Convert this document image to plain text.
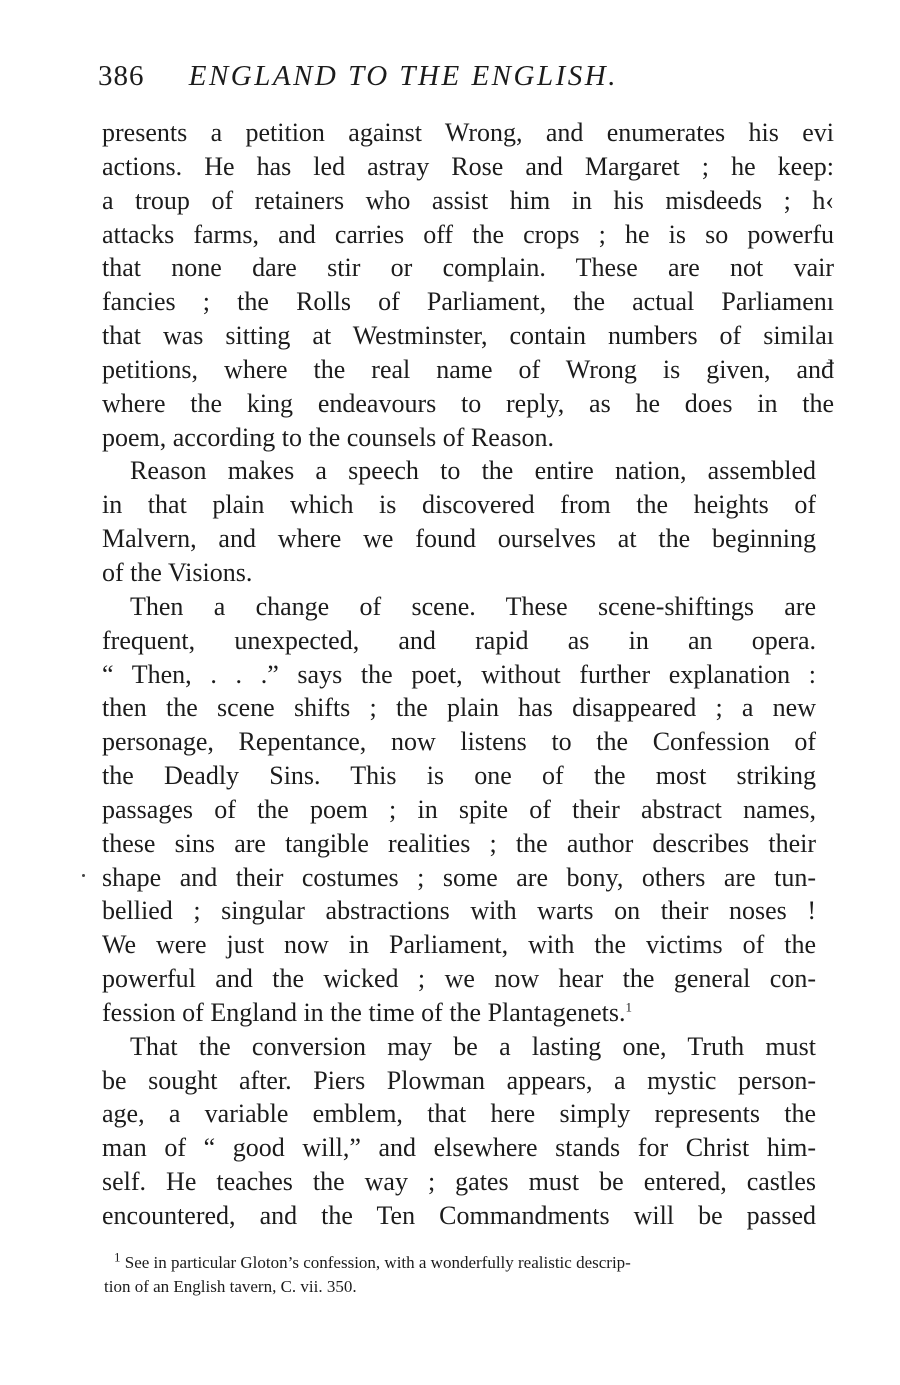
386 ENGLAND TO THE ENGLISH.
presents a petition against Wrong, and enumerates his evi
actions. He has led astray Rose and Margaret ; he keep:
a troup of retainers who assist him in his misdeeds ; h‹
attacks farms, and carries off the crops ; he is so powerfu
that none dare stir or complain. These are not vair
fancies ; the Rolls of Parliament, the actual Parliamenı
that was sitting at Westminster, contain numbers of similaı
petitions, where the real name of Wrong is given, anđ
where the king endeavours to reply, as he does in the
poem, according to the counsels of Reason.
Reason makes a speech to the entire nation, assembled
in that plain which is discovered from the heights of
Malvern, and where we found ourselves at the beginning
of the Visions.
Then a change of scene. These scene-shiftings are
frequent, unexpected, and rapid as in an opera.
“ Then, . . .” says the poet, without further explanation :
then the scene shifts ; the plain has disappeared ; a new
personage, Repentance, now listens to the Confession of
the Deadly Sins. This is one of the most striking
passages of the poem ; in spite of their abstract names,
these sins are tangible realities ; the author describes their
shape and their costumes ; some are bony, others are tun-
bellied ; singular abstractions with warts on their noses !
We were just now in Parliament, with the victims of the
powerful and the wicked ; we now hear the general con-
fession of England in the time of the Plantagenets.$^1$
That the conversion may be a lasting one, Truth must
be sought after. Piers Plowman appears, a mystic person-
age, a variable emblem, that here simply represents the
man of “ good will,” and elsewhere stands for Christ him-
self. He teaches the way ; gates must be entered, castles
encountered, and the Ten Commandments will be passed
$^1$ See in particular Gloton’s confession, with a wonderfully realistic descrip-
tion of an English tavern, C. vii. 350.
